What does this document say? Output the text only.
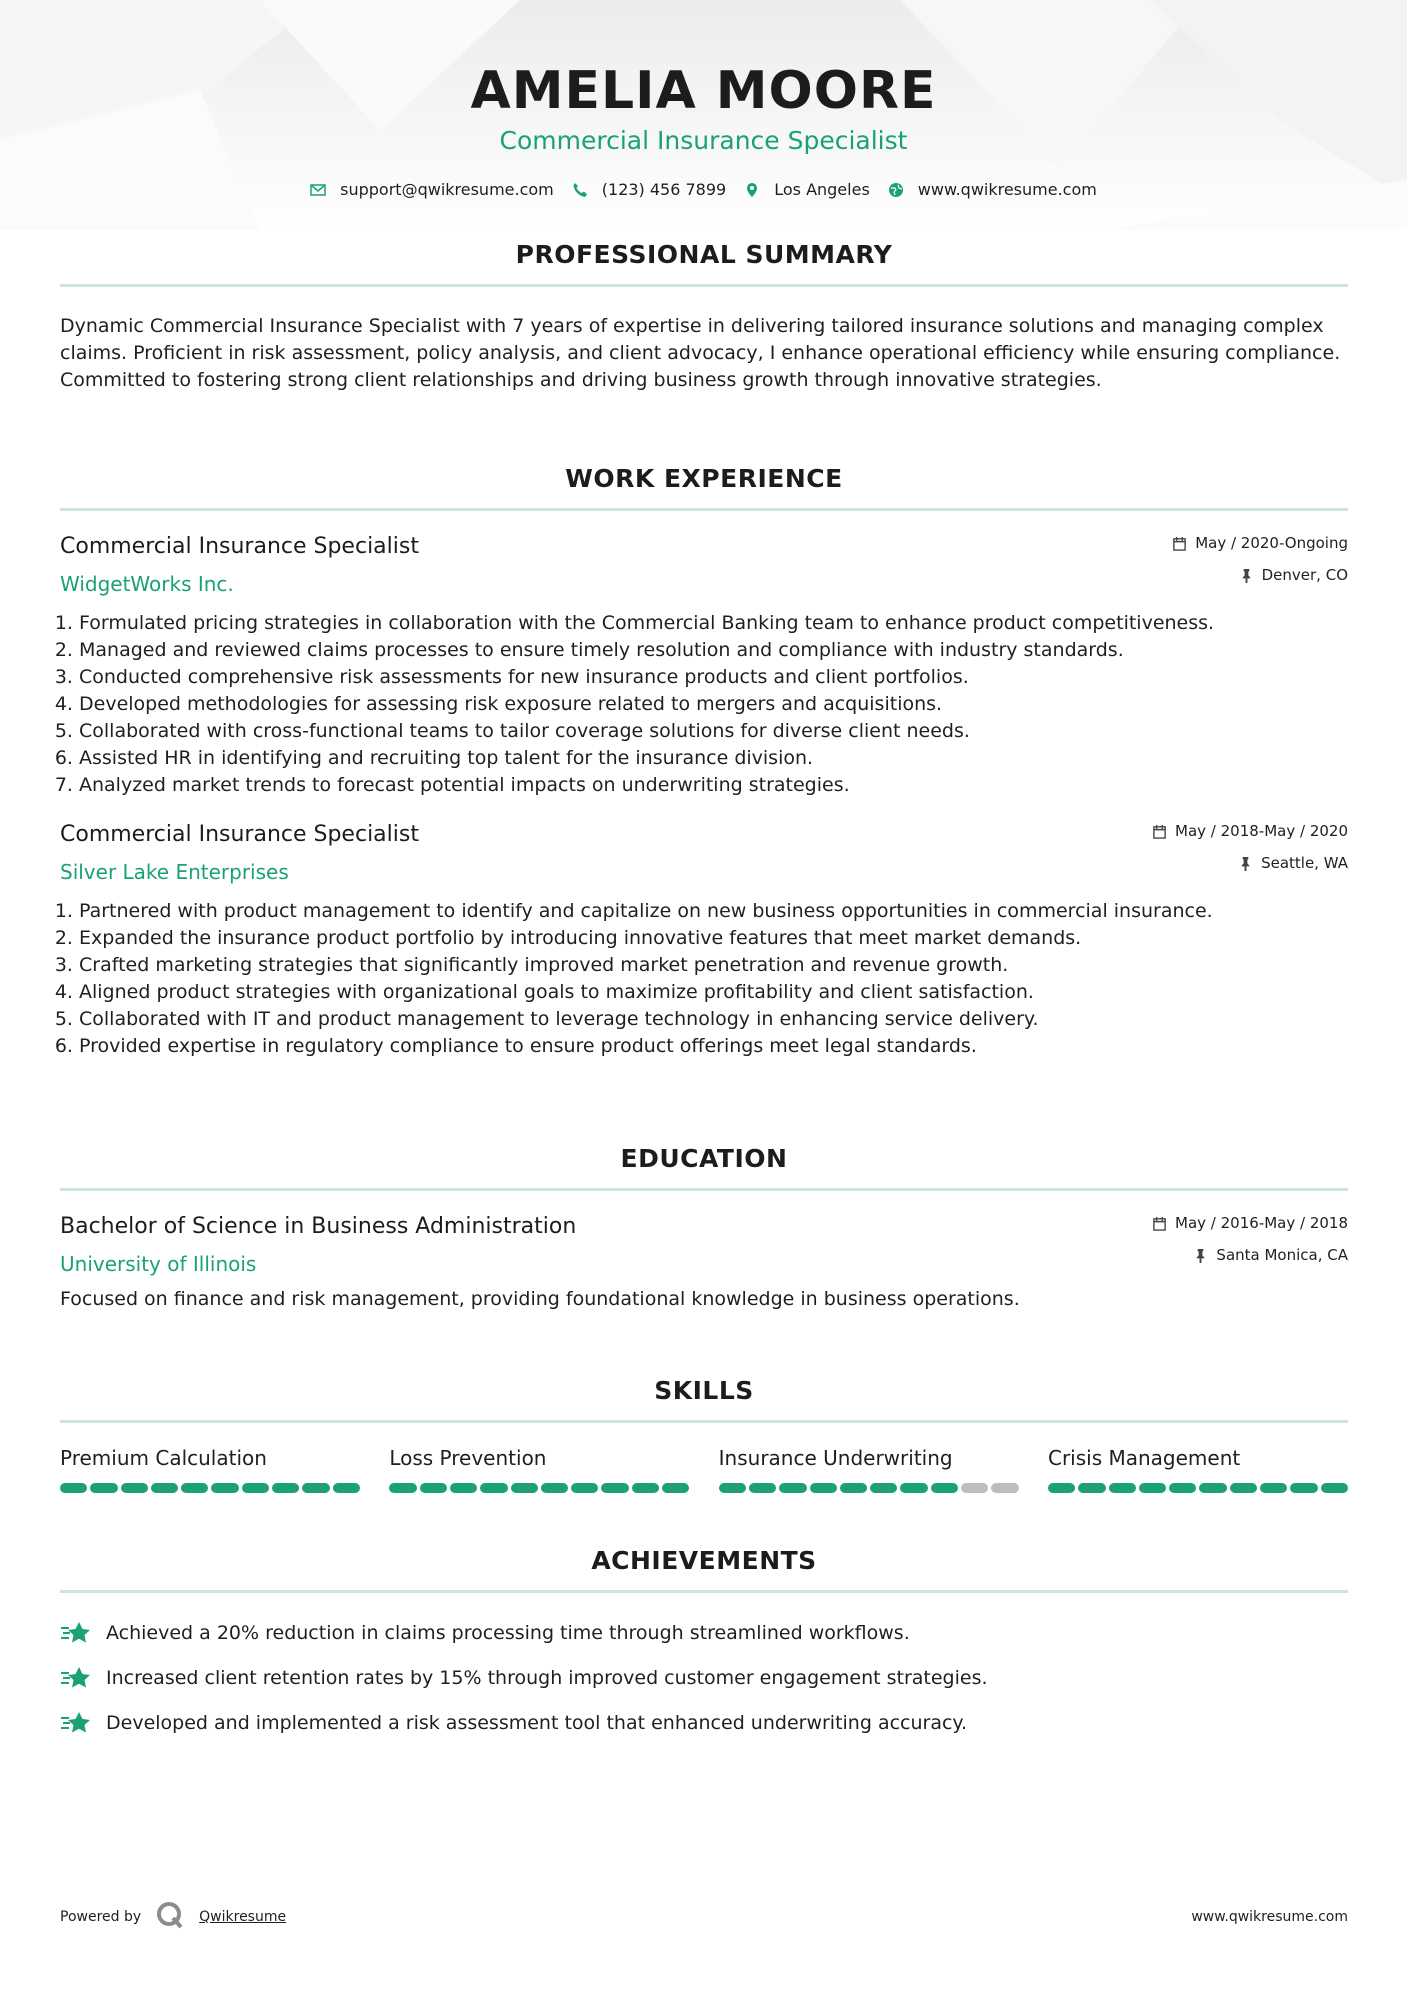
AMELIA MOORE
Commercial Insurance Specialist
support@qwikresume.com	(123) 456 7899	Los Angeles	www.qwikresume.com
PROFESSIONAL SUMMARY
Dynamic Commercial Insurance Specialist with 7 years of expertise in delivering tailored insurance solutions and managing complex claims. Proficient in risk assessment, policy analysis, and client advocacy, I enhance operational efficiency while ensuring compliance. Committed to fostering strong client relationships and driving business growth through innovative strategies.
WORK EXPERIENCE
Commercial Insurance Specialist
WidgetWorks Inc.
May / 2020-Ongoing
Denver, CO
1. Formulated pricing strategies in collaboration with the Commercial Banking team to enhance product competitiveness.
2. Managed and reviewed claims processes to ensure timely resolution and compliance with industry standards.
3. Conducted comprehensive risk assessments for new insurance products and client portfolios.
4. Developed methodologies for assessing risk exposure related to mergers and acquisitions.
5. Collaborated with cross-functional teams to tailor coverage solutions for diverse client needs.
6. Assisted HR in identifying and recruiting top talent for the insurance division.
7. Analyzed market trends to forecast potential impacts on underwriting strategies.
Commercial Insurance Specialist
Silver Lake Enterprises
May / 2018-May / 2020
Seattle, WA
1. Partnered with product management to identify and capitalize on new business opportunities in commercial insurance.
2. Expanded the insurance product portfolio by introducing innovative features that meet market demands.
3. Crafted marketing strategies that significantly improved market penetration and revenue growth.
4. Aligned product strategies with organizational goals to maximize profitability and client satisfaction.
5. Collaborated with IT and product management to leverage technology in enhancing service delivery.
6. Provided expertise in regulatory compliance to ensure product offerings meet legal standards.
EDUCATION
Bachelor of Science in Business Administration
University of Illinois
May / 2016-May / 2018
Santa Monica, CA
Focused on finance and risk management, providing foundational knowledge in business operations.
SKILLS
Premium Calculation	Loss Prevention	Insurance Underwriting	Crisis Management
ACHIEVEMENTS
Achieved a 20% reduction in claims processing time through streamlined workflows.
Increased client retention rates by 15% through improved customer engagement strategies.
Developed and implemented a risk assessment tool that enhanced underwriting accuracy.
Powered by	Qwikresume	www.qwikresume.com
